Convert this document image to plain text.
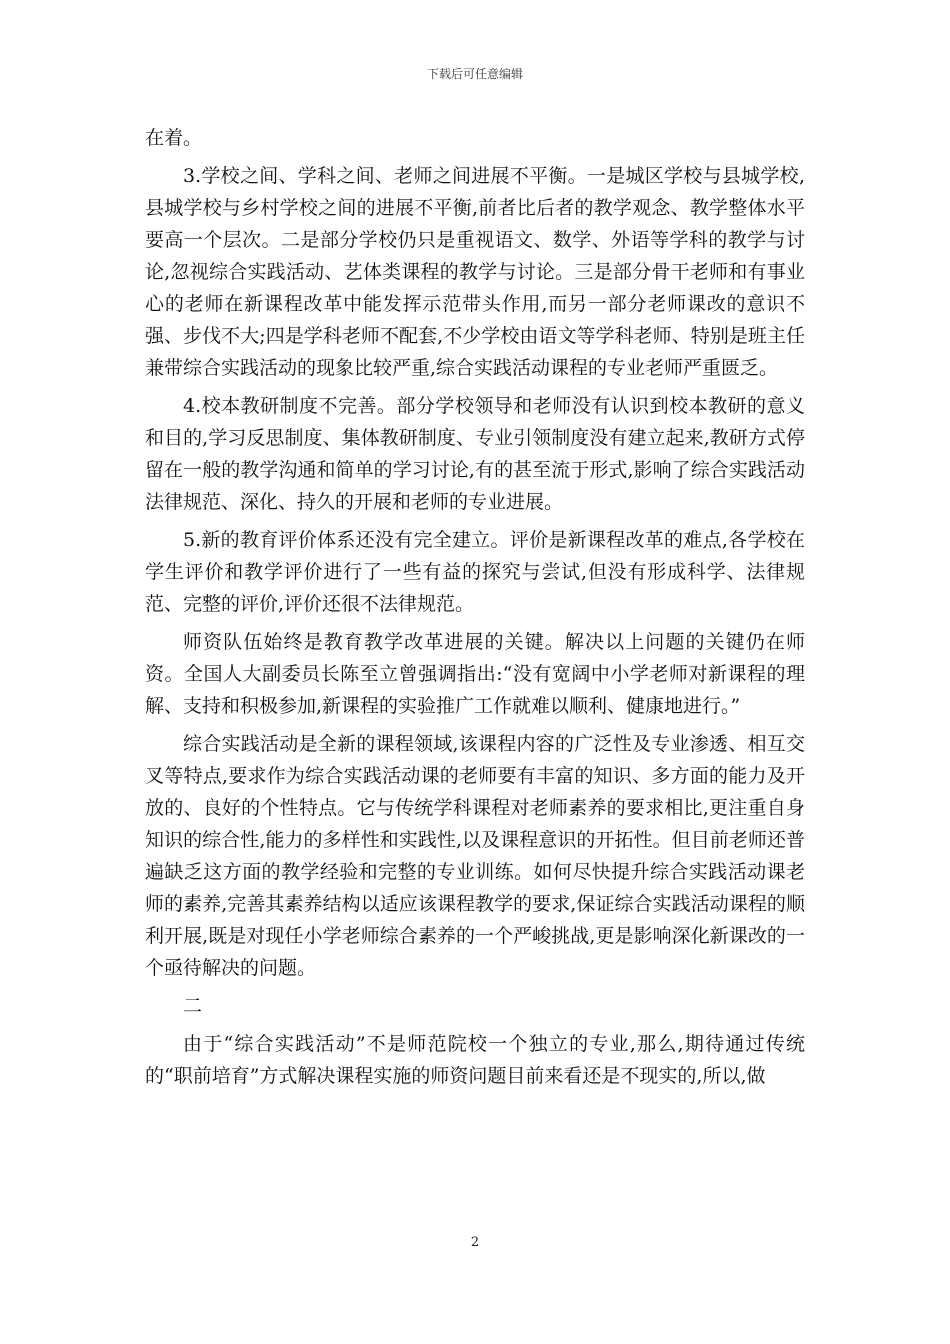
下载后可任意编辑

在着。

3.学校之间、学科之间、老师之间进展不平衡。一是城区学校与县城学校,县城学校与乡村学校之间的进展不平衡,前者比后者的教学观念、教学整体水平要高一个层次。二是部分学校仍只是重视语文、数学、外语等学科的教学与讨论,忽视综合实践活动、艺体类课程的教学与讨论。三是部分骨干老师和有事业心的老师在新课程改革中能发挥示范带头作用,而另一部分老师课改的意识不强、步伐不大;四是学科老师不配套,不少学校由语文等学科老师、特别是班主任兼带综合实践活动的现象比较严重,综合实践活动课程的专业老师严重匮乏。

4.校本教研制度不完善。部分学校领导和老师没有认识到校本教研的意义和目的,学习反思制度、集体教研制度、专业引领制度没有建立起来,教研方式停留在一般的教学沟通和简单的学习讨论,有的甚至流于形式,影响了综合实践活动法律规范、深化、持久的开展和老师的专业进展。

5.新的教育评价体系还没有完全建立。评价是新课程改革的难点,各学校在学生评价和教学评价进行了一些有益的探究与尝试,但没有形成科学、法律规范、完整的评价,评价还很不法律规范。

师资队伍始终是教育教学改革进展的关键。解决以上问题的关键仍在师资。全国人大副委员长陈至立曾强调指出:“没有宽阔中小学老师对新课程的理解、支持和积极参加,新课程的实验推广工作就难以顺利、健康地进行。”

综合实践活动是全新的课程领域,该课程内容的广泛性及专业渗透、相互交叉等特点,要求作为综合实践活动课的老师要有丰富的知识、多方面的能力及开放的、良好的个性特点。它与传统学科课程对老师素养的要求相比,更注重自身知识的综合性,能力的多样性和实践性,以及课程意识的开拓性。但目前老师还普遍缺乏这方面的教学经验和完整的专业训练。如何尽快提升综合实践活动课老师的素养,完善其素养结构以适应该课程教学的要求,保证综合实践活动课程的顺利开展,既是对现任小学老师综合素养的一个严峻挑战,更是影响深化新课改的一个亟待解决的问题。

二

由于“综合实践活动”不是师范院校一个独立的专业,那么,期待通过传统的“职前培育”方式解决课程实施的师资问题目前来看还是不现实的,所以,做

2
